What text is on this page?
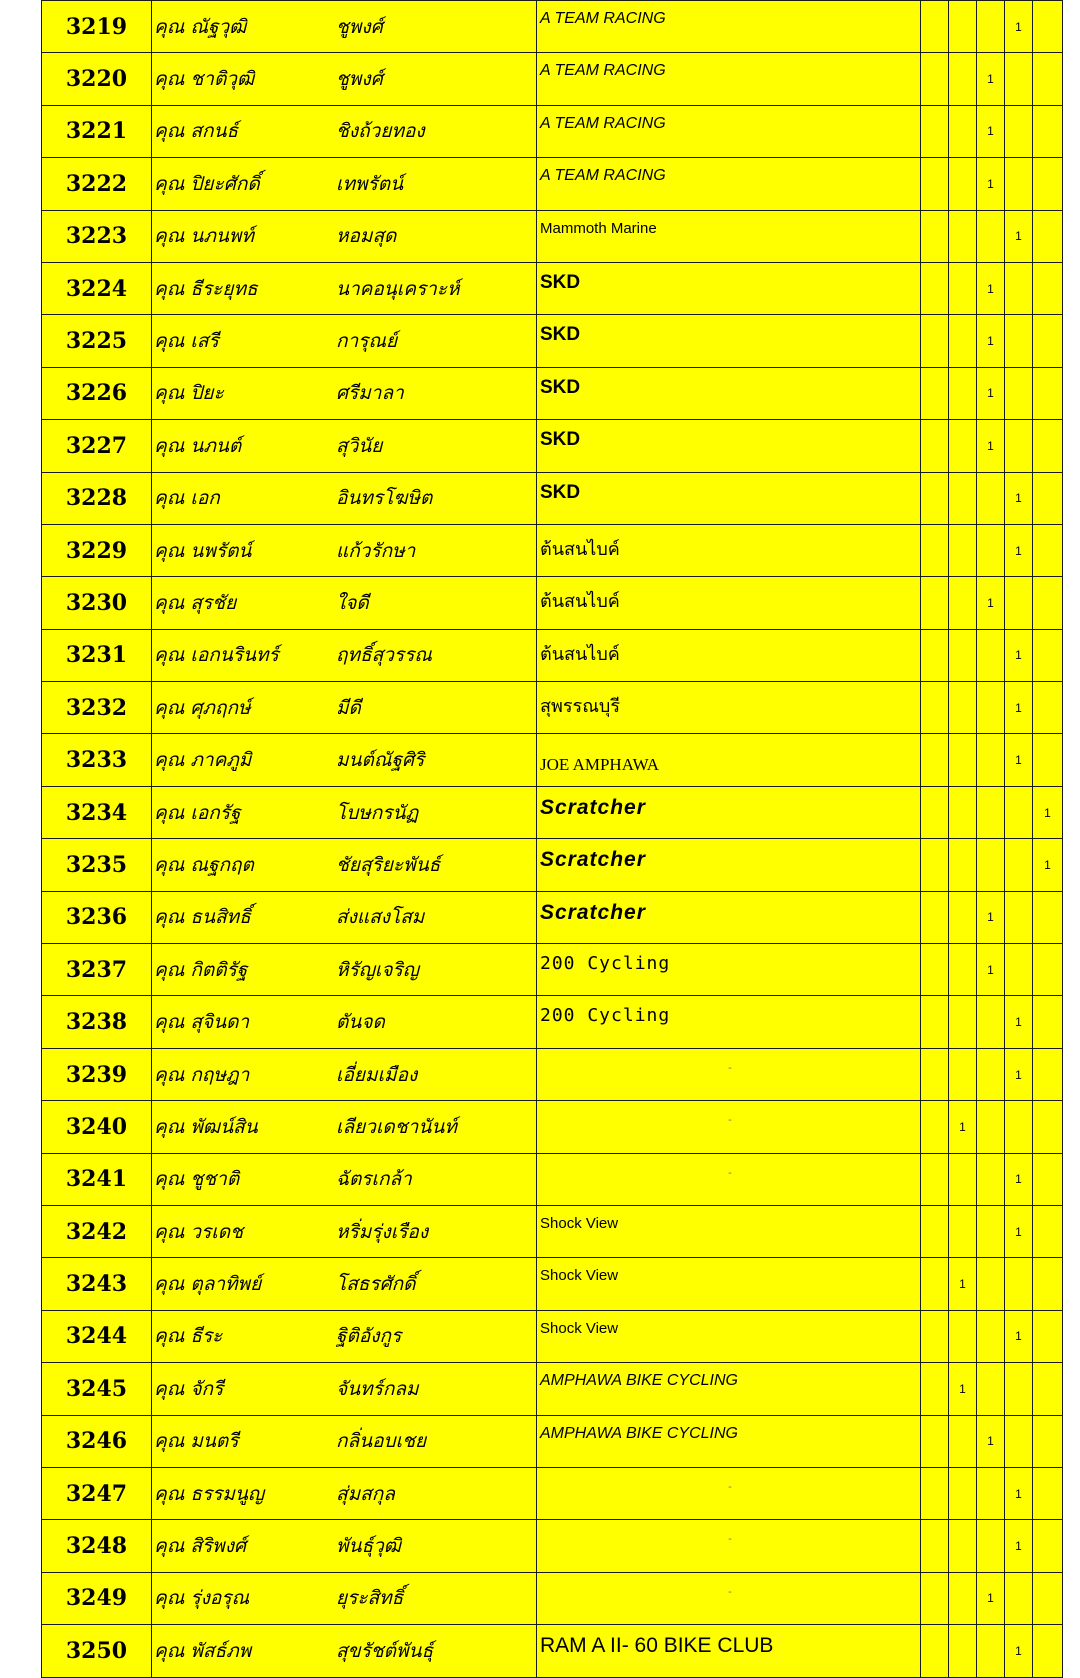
3219	คุณ ณัฐวุฒิ	ชูพงศ์	A TEAM RACING				1	
3220	คุณ ชาติวุฒิ	ชูพงศ์	A TEAM RACING			1		
3221	คุณ สกนธ์	ชิงถ้วยทอง	A TEAM RACING			1		
3222	คุณ ปิยะศักดิ์	เทพรัตน์	A TEAM RACING			1		
3223	คุณ นภนพท์	หอมสุด	Mammoth Marine				1	
3224	คุณ ธีระยุทธ	นาคอนุเคราะห์	SKD			1		
3225	คุณ เสรี	การุณย์	SKD			1		
3226	คุณ ปิยะ	ศรีมาลา	SKD			1		
3227	คุณ นภนต์	สุวินัย	SKD			1		
3228	คุณ เอก	อินทรโฆษิต	SKD				1	
3229	คุณ นพรัตน์	แก้วรักษา	ต้นสนไบค์				1	
3230	คุณ สุรชัย	ใจดี	ต้นสนไบค์			1		
3231	คุณ เอกนรินทร์	ฤทธิ์สุวรรณ	ต้นสนไบค์				1	
3232	คุณ ศุภฤกษ์	มีดี	สุพรรณบุรี				1	
3233	คุณ ภาคภูมิ	มนต์ณัฐศิริ	JOE AMPHAWA				1	
3234	คุณ เอกรัฐ	โบษกรนัฏ	Scratcher					1
3235	คุณ ณฐกฤต	ชัยสุริยะพันธ์	Scratcher					1
3236	คุณ ธนสิทธิ์	ส่งแสงโสม	Scratcher			1		
3237	คุณ กิตติรัฐ	หิรัญเจริญ	200 Cycling			1		
3238	คุณ สุจินดา	ตันจด	200 Cycling				1	
3239	คุณ กฤษฎา	เอี่ยมเมือง	-				1	
3240	คุณ พัฒน์สิน	เลียวเดชานันท์	-		1			
3241	คุณ ชูชาติ	ฉัตรเกล้า	-				1	
3242	คุณ วรเดช	หริ่มรุ่งเรือง	Shock View				1	
3243	คุณ ตุลาทิพย์	โสธรศักดิ์	Shock View		1			
3244	คุณ ธีระ	ฐิติอังกูร	Shock View				1	
3245	คุณ จักรี	จันทร์กลม	AMPHAWA BIKE CYCLING		1			
3246	คุณ มนตรี	กลิ่นอบเชย	AMPHAWA BIKE CYCLING			1		
3247	คุณ ธรรมนูญ	สุ่มสกุล	-				1	
3248	คุณ สิริพงศ์	พันธุ์วุฒิ	-				1	
3249	คุณ รุ่งอรุณ	ยุระสิทธิ์	-			1		
3250	คุณ พัสธ์ภพ	สุขรัชต์พันธุ์	RAM A II- 60 BIKE CLUB				1	
